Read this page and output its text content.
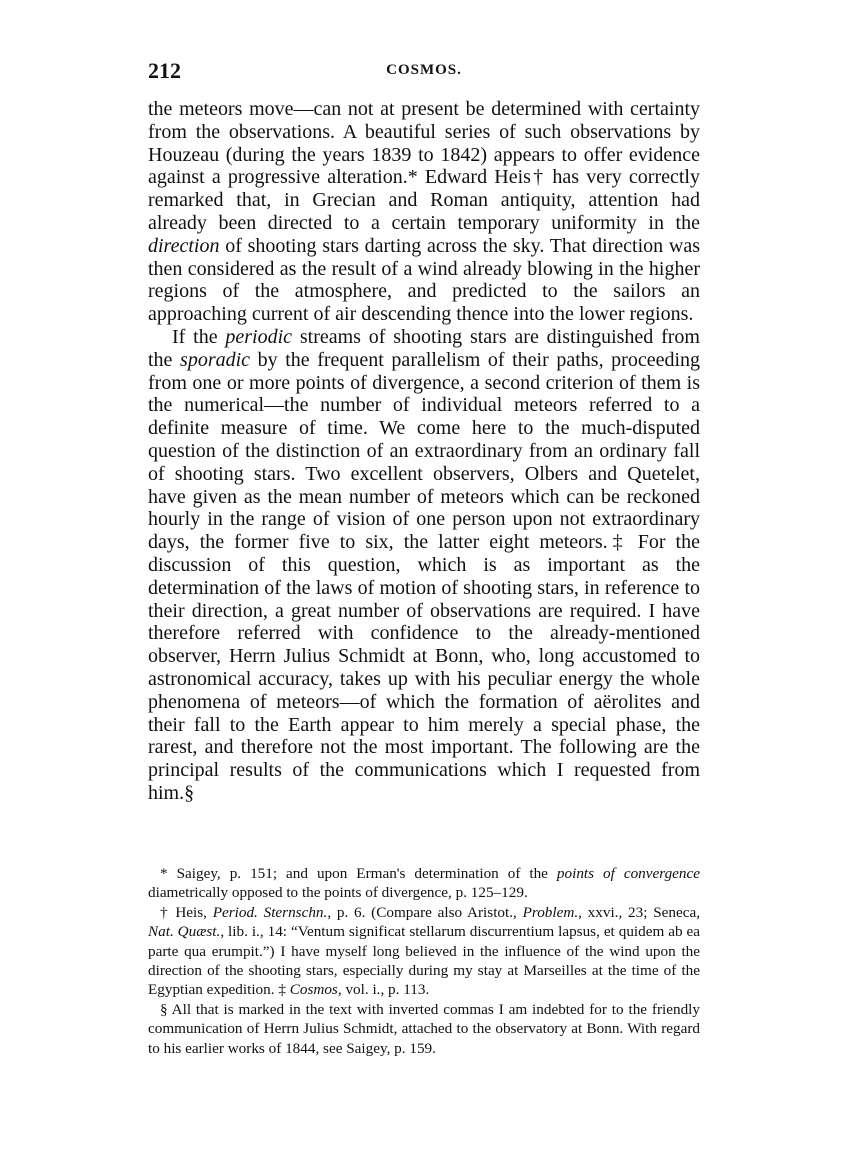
212	COSMOS.

the meteors move—can not at present be determined with certainty from the observations. A beautiful series of such observations by Houzeau (during the years 1839 to 1842) appears to offer evidence against a progressive alteration.* Edward Heis† has very correctly remarked that, in Grecian and Roman antiquity, attention had already been directed to a certain temporary uniformity in the direction of shooting stars darting across the sky. That direction was then considered as the result of a wind already blowing in the higher regions of the atmosphere, and predicted to the sailors an approaching current of air descending thence into the lower regions.

If the periodic streams of shooting stars are distinguished from the sporadic by the frequent parallelism of their paths, proceeding from one or more points of divergence, a second criterion of them is the numerical—the number of individual meteors referred to a definite measure of time. We come here to the much-disputed question of the distinction of an extraordinary from an ordinary fall of shooting stars. Two excellent observers, Olbers and Quetelet, have given as the mean number of meteors which can be reckoned hourly in the range of vision of one person upon not extraordinary days, the former five to six, the latter eight meteors.‡ For the discussion of this question, which is as important as the determination of the laws of motion of shooting stars, in reference to their direction, a great number of observations are required. I have therefore referred with confidence to the already-mentioned observer, Herrn Julius Schmidt at Bonn, who, long accustomed to astronomical accuracy, takes up with his peculiar energy the whole phenomena of meteors—of which the formation of aërolites and their fall to the Earth appear to him merely a special phase, the rarest, and therefore not the most important. The following are the principal results of the communications which I requested from him.§

* Saigey, p. 151; and upon Erman's determination of the points of convergence diametrically opposed to the points of divergence, p. 125–129.

† Heis, Period. Sternschn., p. 6. (Compare also Aristot., Problem., xxvi., 23; Seneca, Nat. Quæst., lib. i., 14: “Ventum significat stellarum discurrentium lapsus, et quidem ab ea parte qua erumpit.”) I have myself long believed in the influence of the wind upon the direction of the shooting stars, especially during my stay at Marseilles at the time of the Egyptian expedition. ‡ Cosmos, vol. i., p. 113.

§ All that is marked in the text with inverted commas I am indebted for to the friendly communication of Herrn Julius Schmidt, attached to the observatory at Bonn. With regard to his earlier works of 1844, see Saigey, p. 159.
